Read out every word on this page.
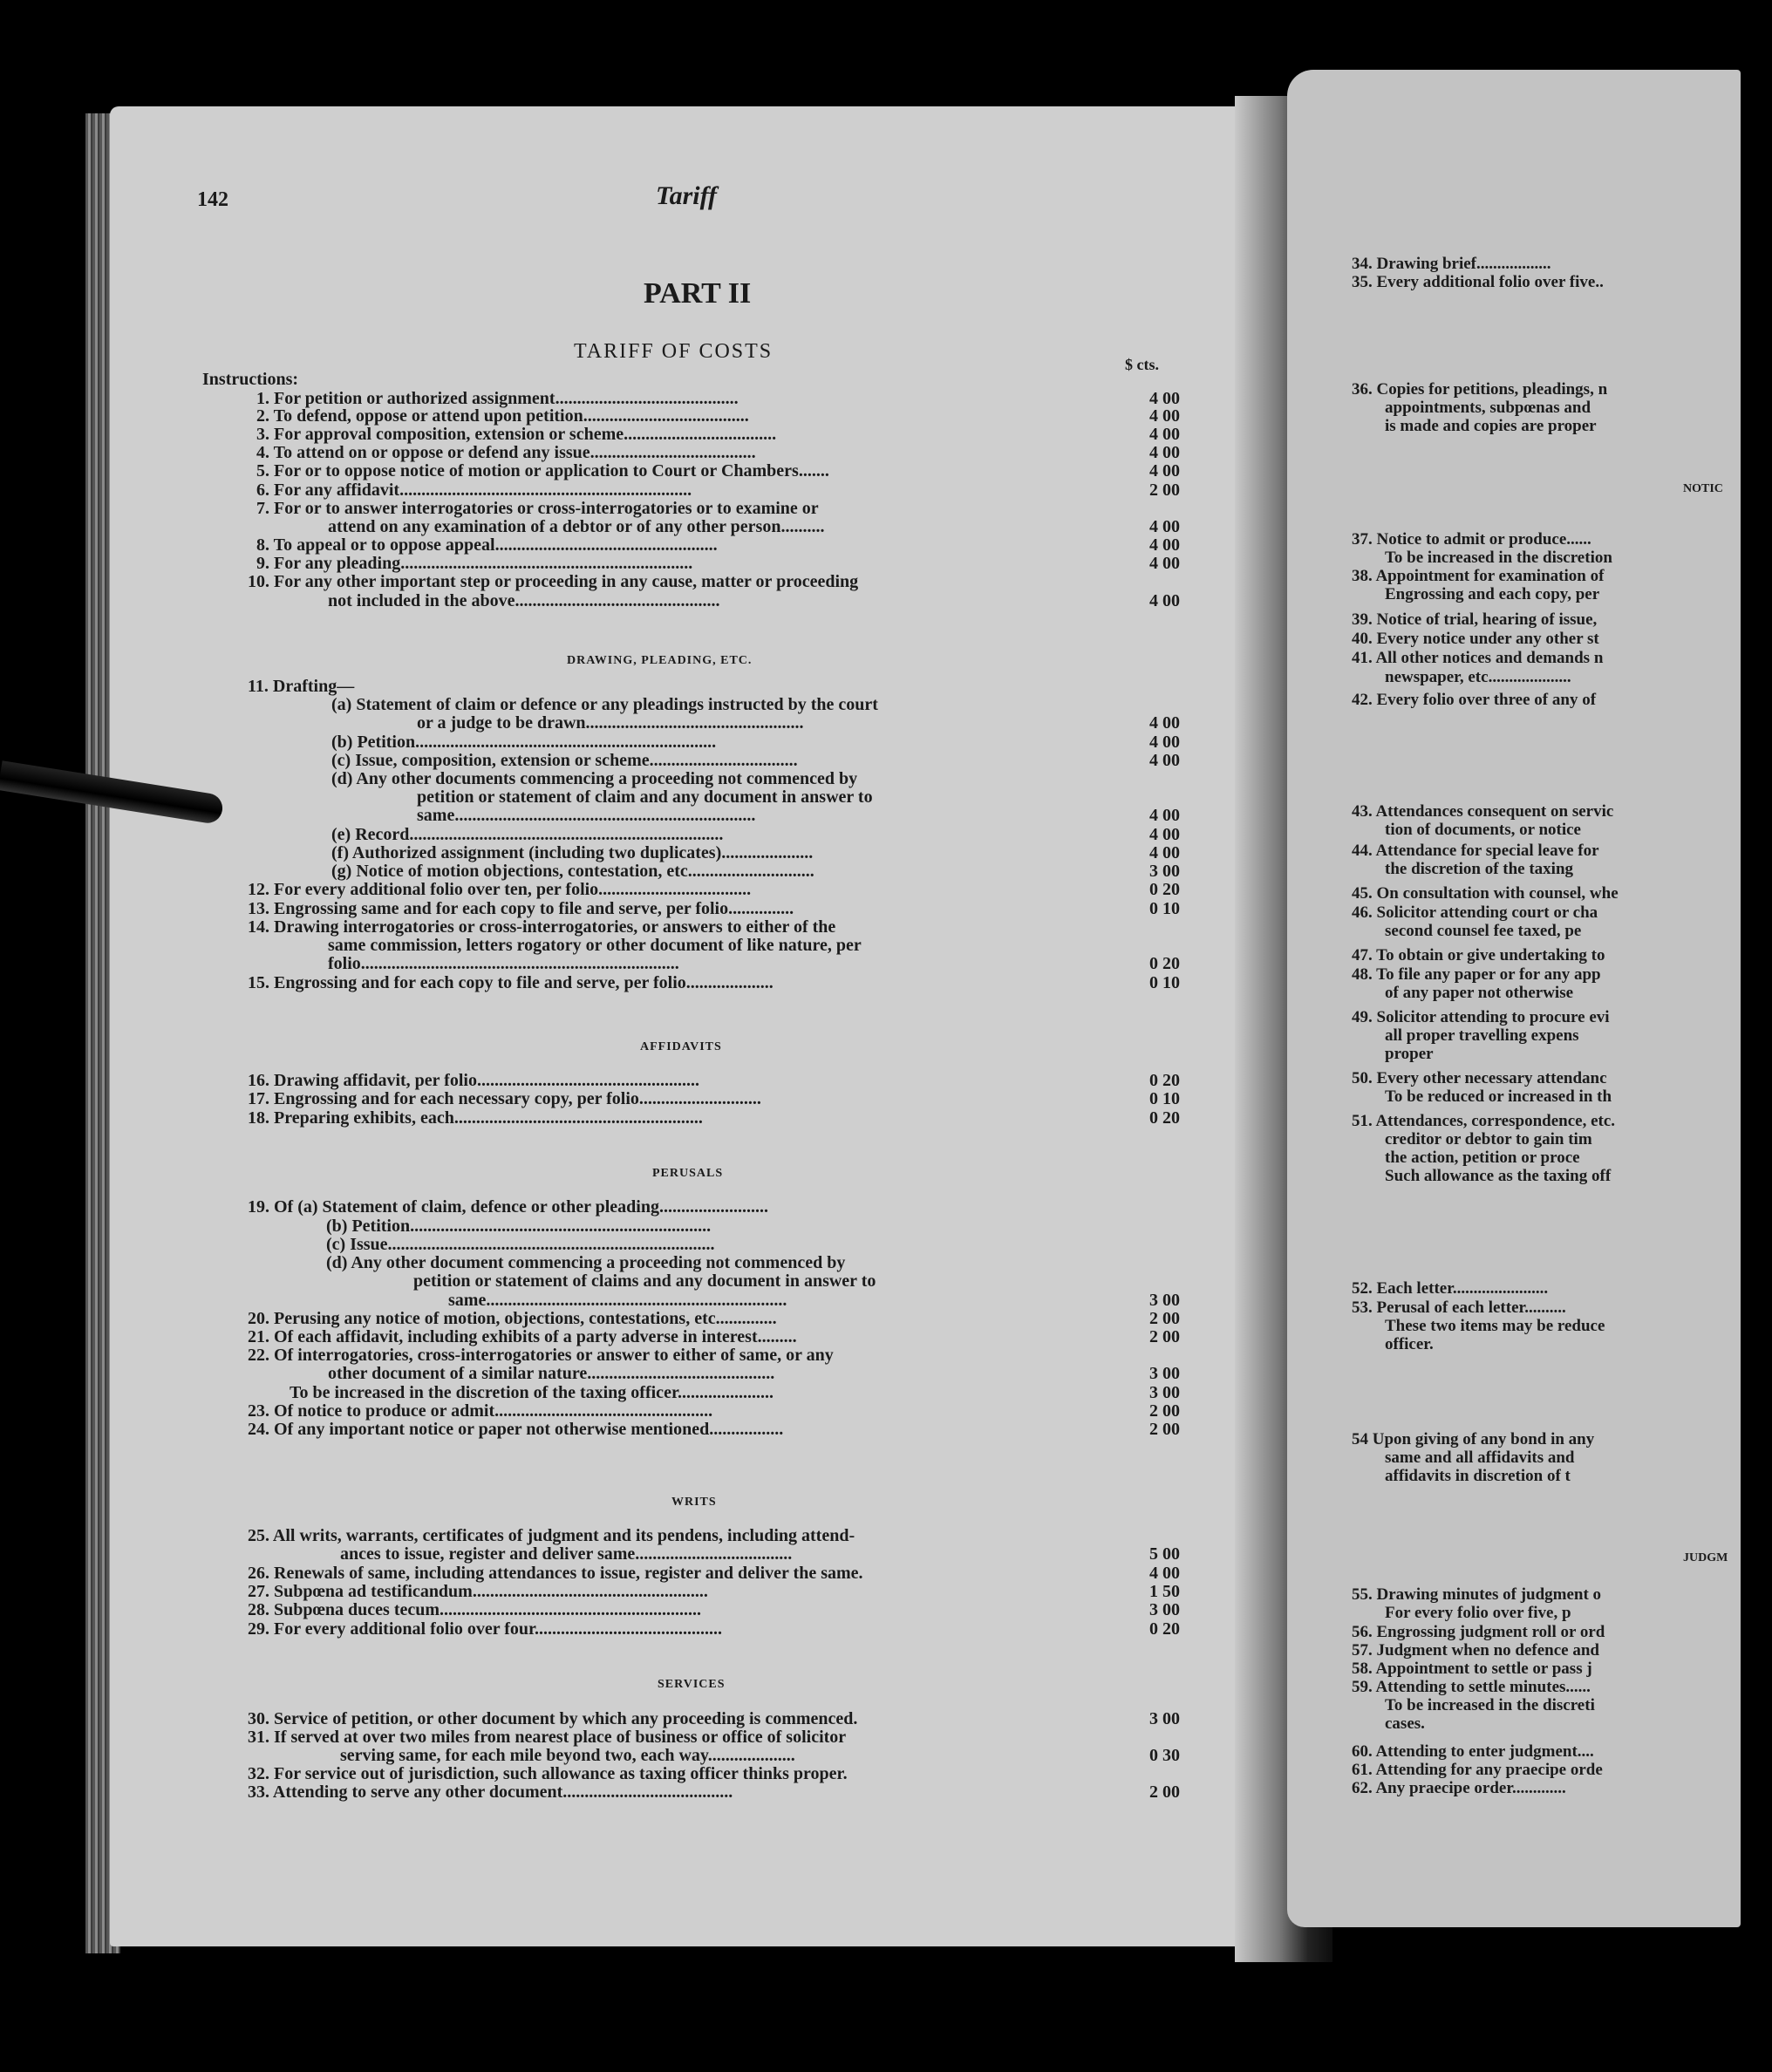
142	Tariff
PART II
TARIFF OF COSTS
$ cts.
Instructions:
1. For petition or authorized assignment..........................................	4 00
2. To defend, oppose or attend upon petition......................................	4 00
3. For approval composition, extension or scheme...................................	4 00
4. To attend on or oppose or defend any issue......................................	4 00
5. For or to oppose notice of motion or application to Court or Chambers.......	4 00
6. For any affidavit...................................................................	2 00
7. For or to answer interrogatories or cross-interrogatories or to examine or
attend on any examination of a debtor or of any other person..........	4 00
8. To appeal or to oppose appeal...................................................	4 00
9. For any pleading...................................................................	4 00
10. For any other important step or proceeding in any cause, matter or proceeding
not included in the above...............................................	4 00
11. Drafting—
(a) Statement of claim or defence or any pleadings instructed by the court
or a judge to be drawn..................................................	4 00
(b) Petition.....................................................................	4 00
(c) Issue, composition, extension or scheme..................................	4 00
(d) Any other documents commencing a proceeding not commenced by
petition or statement of claim and any document in answer to
same.....................................................................	4 00
(e) Record........................................................................	4 00
(f) Authorized assignment (including two duplicates).....................	4 00
(g) Notice of motion objections, contestation, etc.............................	3 00
12. For every additional folio over ten, per folio...................................	0 20
13. Engrossing same and for each copy to file and serve, per folio...............	0 10
14. Drawing interrogatories or cross-interrogatories, or answers to either of the
same commission, letters rogatory or other document of like nature, per
folio.........................................................................	0 20
15. Engrossing and for each copy to file and serve, per folio....................	0 10
16. Drawing affidavit, per folio...................................................	0 20
17. Engrossing and for each necessary copy, per folio............................	0 10
18. Preparing exhibits, each.........................................................	0 20
19. Of (a) Statement of claim, defence or other pleading.........................
(b) Petition.....................................................................
(c) Issue...........................................................................
(d) Any other document commencing a proceeding not commenced by
petition or statement of claims and any document in answer to
same.....................................................................	3 00
20. Perusing any notice of motion, objections, contestations, etc..............	2 00
21. Of each affidavit, including exhibits of a party adverse in interest.........	2 00
22. Of interrogatories, cross-interrogatories or answer to either of same, or any
other document of a similar nature...........................................	3 00
To be increased in the discretion of the taxing officer......................	3 00
23. Of notice to produce or admit..................................................	2 00
24. Of any important notice or paper not otherwise mentioned.................	2 00
25. All writs, warrants, certificates of judgment and its pendens, including attend-
ances to issue, register and deliver same....................................	5 00
26. Renewals of same, including attendances to issue, register and deliver the same.	4 00
27. Subpœna ad testificandum......................................................	1 50
28. Subpœna duces tecum............................................................	3 00
29. For every additional folio over four...........................................	0 20
30. Service of petition, or other document by which any proceeding is commenced.	3 00
31. If served at over two miles from nearest place of business or office of solicitor
serving same, for each mile beyond two, each way....................	0 30
32. For service out of jurisdiction, such allowance as taxing officer thinks proper.
33. Attending to serve any other document.......................................	2 00
DRAWING, PLEADING, ETC.
AFFIDAVITS
PERUSALS
WRITS
SERVICES
34. Drawing brief..................
35. Every additional folio over five..
36. Copies for petitions, pleadings, n
appointments, subpœnas and
is made and copies are proper
NOTIC
37. Notice to admit or produce......
To be increased in the discretion
38. Appointment for examination of
Engrossing and each copy, per
39. Notice of trial, hearing of issue,
40. Every notice under any other st
41. All other notices and demands n
newspaper, etc....................
42. Every folio over three of any of
43. Attendances consequent on servic
tion of documents, or notice
44. Attendance for special leave for
the discretion of the taxing
45. On consultation with counsel, whe
46. Solicitor attending court or cha
second counsel fee taxed, pe
47. To obtain or give undertaking to
48. To file any paper or for any app
of any paper not otherwise
49. Solicitor attending to procure evi
all proper travelling expens
proper
50. Every other necessary attendanc
To be reduced or increased in th
51. Attendances, correspondence, etc.
creditor or debtor to gain tim
the action, petition or proce
Such allowance as the taxing off
52. Each letter.......................
53. Perusal of each letter..........
These two items may be reduce
officer.
54 Upon giving of any bond in any
same and all affidavits and
affidavits in discretion of t
JUDGM
55. Drawing minutes of judgment o
For every folio over five, p
56. Engrossing judgment roll or ord
57. Judgment when no defence and
58. Appointment to settle or pass j
59. Attending to settle minutes......
To be increased in the discreti
cases.
60. Attending to enter judgment....
61. Attending for any praecipe orde
62. Any praecipe order.............
